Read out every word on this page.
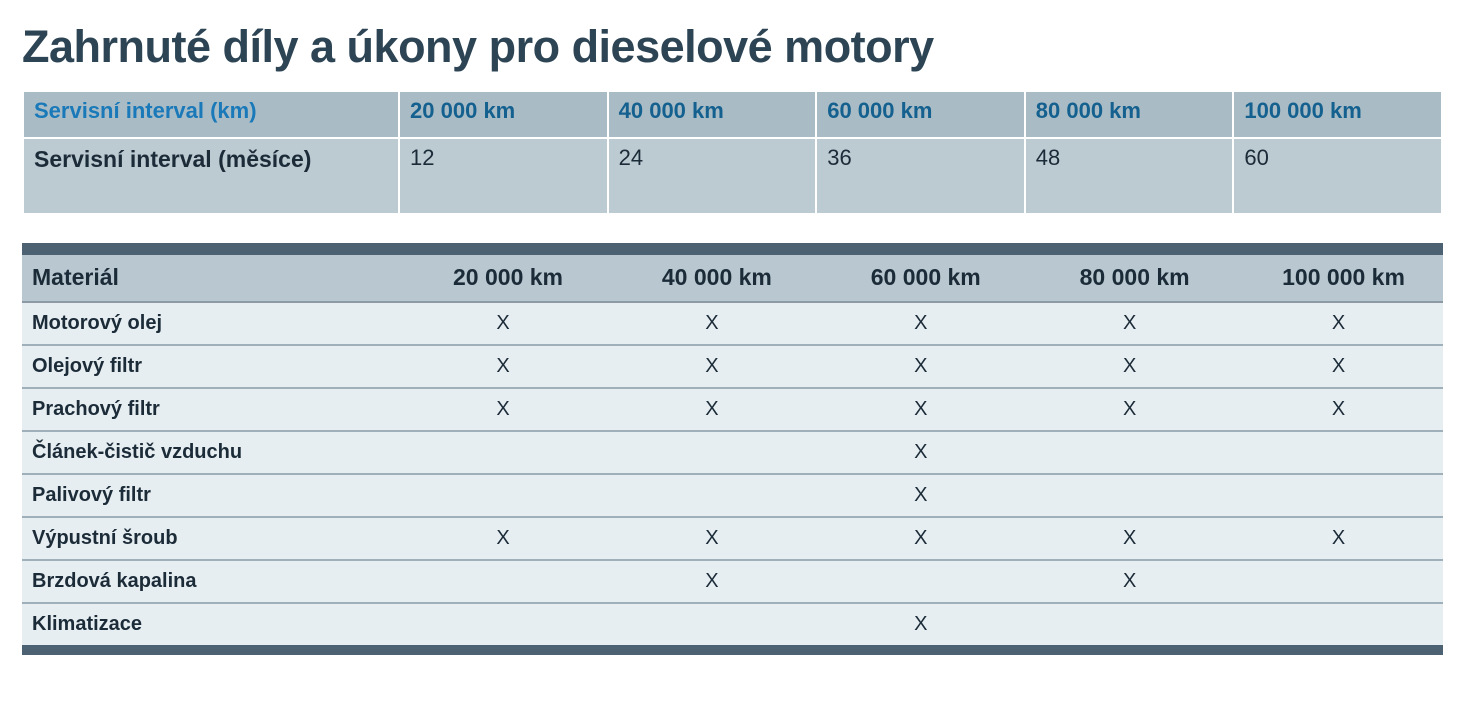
Zahrnuté díly a úkony pro dieselové motory
Servisní interval (km)	20 000 km	40 000 km	60 000 km	80 000 km	100 000 km
Servisní interval (měsíce)	12	24	36	48	60
Materiál	20 000 km	40 000 km	60 000 km	80 000 km	100 000 km
Motorový olej	X	X	X	X	X
Olejový filtr	X	X	X	X	X
Prachový filtr	X	X	X	X	X
Článek-čistič vzduchu			X		
Palivový filtr			X		
Výpustní šroub	X	X	X	X	X
Brzdová kapalina		X		X	
Klimatizace			X		
